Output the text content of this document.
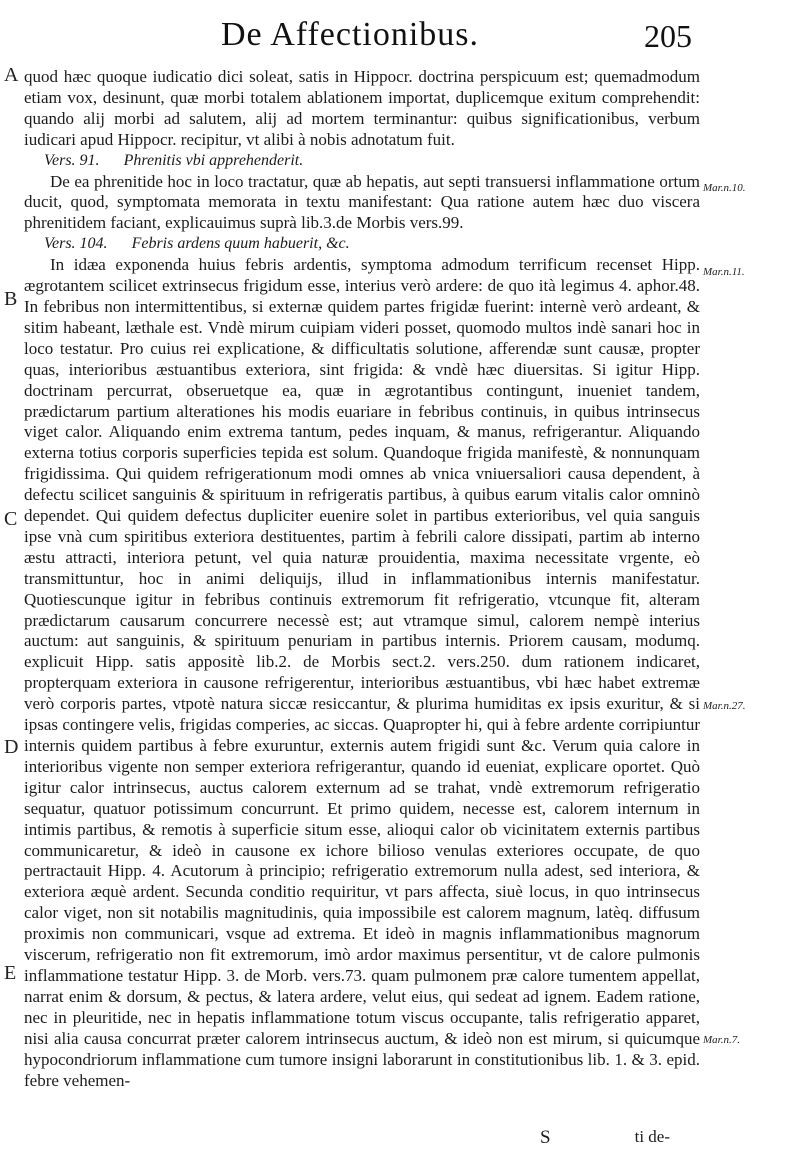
De Affectionibus.	205
A
B
C
D
E

quod hæc quoque iudicatio dici soleat, satis in Hippocr. doctrina perspicuum est; quemadmodum etiam vox, desinunt, quæ morbi totalem ablationem importat, duplicemque exitum comprehendit: quando alij morbi ad salutem, alij ad mortem terminantur: quibus significationibus, verbum iudicari apud Hippocr. recipitur, vt alibi à nobis adnotatum fuit.

Vers. 91. Phrenitis vbi apprehenderit.

De ea phrenitide hoc in loco tractatur, quæ ab hepatis, aut septi transuersi inflammatione ortum ducit, quod, symptomata memorata in textu manifestant: Qua ratione autem hæc duo viscera phrenitidem faciant, explicauimus suprà lib.3.de Morbis vers.99.

Vers. 104. Febris ardens quum habuerit, &c.

In idæa exponenda huius febris ardentis, symptoma admodum terrificum recenset Hipp. ægrotantem scilicet extrinsecus frigidum esse, interius verò ardere: de quo ità legimus 4. aphor.48. In febribus non intermittentibus, si externæ quidem partes frigidæ fuerint: internè verò ardeant, & sitim habeant, læthale est. Vndè mirum cuipiam videri posset, quomodo multos indè sanari hoc in loco testatur. Pro cuius rei explicatione, & difficultatis solutione, afferendæ sunt causæ, propter quas, interioribus æstuantibus exteriora, sint frigida: & vndè hæc diuersitas. Si igitur Hipp. doctrinam percurrat, obseruetque ea, quæ in ægrotantibus contingunt, inueniet tandem, prædictarum partium alterationes his modis euariare in febribus continuis, in quibus intrinsecus viget calor. Aliquando enim extrema tantum, pedes inquam, & manus, refrigerantur. Aliquando externa totius corporis superficies tepida est solum. Quandoque frigida manifestè, & nonnunquam frigidissima. Qui quidem refrigerationum modi omnes ab vnica vniuersaliori causa dependent, à defectu scilicet sanguinis & spirituum in refrigeratis partibus, à quibus earum vitalis calor omninò dependet. Qui quidem defectus dupliciter euenire solet in partibus exterioribus, vel quia sanguis ipse vnà cum spiritibus exteriora destituentes, partim à febrili calore dissipati, partim ab interno æstu attracti, interiora petunt, vel quia naturæ prouidentia, maxima necessitate vrgente, eò transmittuntur, hoc in animi deliquijs, illud in inflammationibus internis manifestatur. Quotiescunque igitur in febribus continuis extremorum fit refrigeratio, vtcunque fit, alteram prædictarum causarum concurrere necessè est; aut vtramque simul, calorem nempè interius auctum: aut sanguinis, & spirituum penuriam in partibus internis. Priorem causam, modumq. explicuit Hipp. satis appositè lib.2. de Morbis sect.2. vers.250. dum rationem indicaret, propterquam exteriora in causone refrigerentur, interioribus æstuantibus, vbi hæc habet extremæ verò corporis partes, vtpotè natura siccæ resiccantur, & plurima humiditas ex ipsis exuritur, & si ipsas contingere velis, frigidas comperies, ac siccas. Quapropter hi, qui à febre ardente corripiuntur internis quidem partibus à febre exuruntur, externis autem frigidi sunt &c. Verum quia calore in interioribus vigente non semper exteriora refrigerantur, quando id eueniat, explicare oportet. Quò igitur calor intrinsecus, auctus calorem externum ad se trahat, vndè extremorum refrigeratio sequatur, quatuor potissimum concurrunt. Et primo quidem, necesse est, calorem internum in intimis partibus, & remotis à superficie situm esse, alioqui calor ob vicinitatem externis partibus communicaretur, & ideò in causone ex ichore bilioso venulas exteriores occupate, de quo pertractauit Hipp. 4. Acutorum à principio; refrigeratio extremorum nulla adest, sed interiora, & exteriora æquè ardent. Secunda conditio requiritur, vt pars affecta, siuè locus, in quo intrinsecus calor viget, non sit notabilis magnitudinis, quia impossibile est calorem magnum, latèq. diffusum proximis non communicari, vsque ad extrema. Et ideò in magnis inflammationibus magnorum viscerum, refrigeratio non fit extremorum, imò ardor maximus persentitur, vt de calore pulmonis inflammatione testatur Hipp. 3. de Morb. vers.73. quam pulmonem præ calore tumentem appellat, narrat enim & dorsum, & pectus, & latera ardere, velut eius, qui sedeat ad ignem. Eadem ratione, nec in pleuritide, nec in hepatis inflammatione totum viscus occupante, talis refrigeratio apparet, nisi alia causa concurrat præter calorem intrinsecus auctum, & ideò non est mirum, si quicumque hypocondriorum inflammatione cum tumore insigni laborarunt in constitutionibus lib. 1. & 3. epid. febre vehemen-

Mar.n.10.
Mar.n.11.
Mar.n.27.
Mar.n.7.
S	ti de-
